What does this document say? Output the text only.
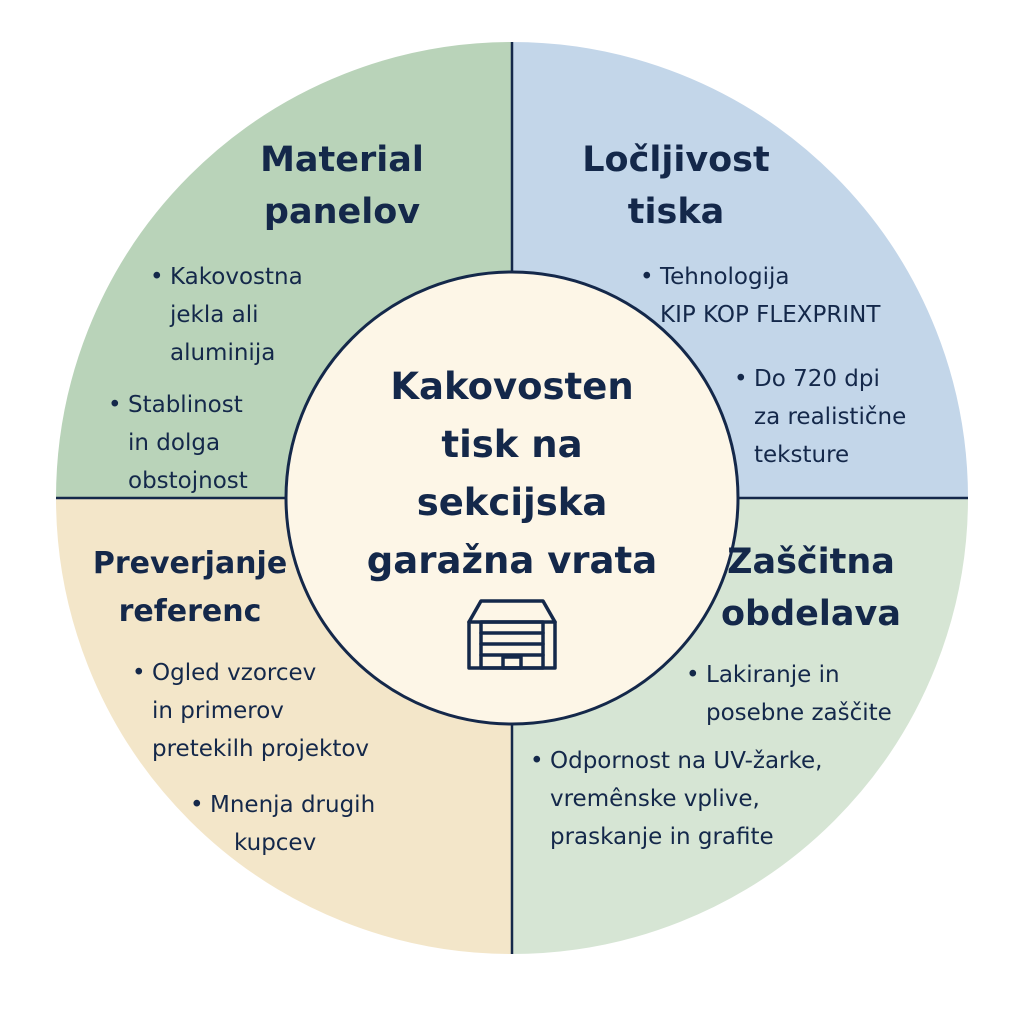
Material
panelov
Ločljivost
tiska
Preverjanje
referenc
Zaščitna
obdelava
• Kakovostna
jekla ali
aluminija
• Stablinost
in dolga
obstojnost
• Tehnologija
KIP KOP FLEXPRINT
• Do 720 dpi
za realistične
teksture
• Ogled vzorcev
in primerov
pretekilh projektov
• Mnenja drugih
kupcev
• Lakiranje in
posebne zaščite
• Odpornost na UV-žarke,
vremênske vplive,
praskanje in grafite
Kakovosten
tisk na
sekcijska
garažna vrata
